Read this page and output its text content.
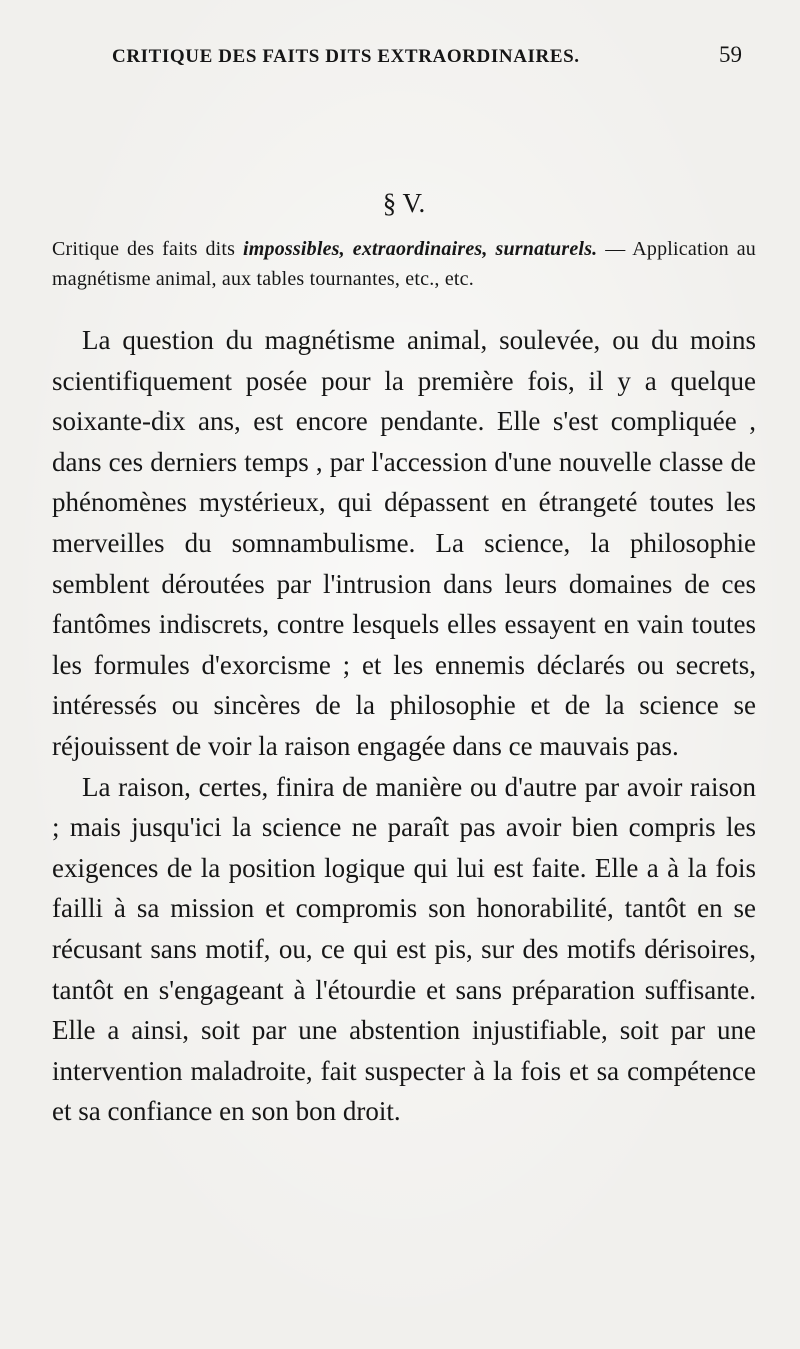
CRITIQUE DES FAITS DITS EXTRAORDINAIRES.	59
§ V.

Critique des faits dits impossibles, extraordinaires, surnaturels. — Application au magnétisme animal, aux tables tournantes, etc., etc.

La question du magnétisme animal, soulevée, ou du moins scientifiquement posée pour la première fois, il y a quelque soixante-dix ans, est encore pendante. Elle s'est compliquée , dans ces derniers temps , par l'accession d'une nouvelle classe de phénomènes mystérieux, qui dépassent en étrangeté toutes les merveilles du somnambulisme. La science, la philosophie semblent déroutées par l'intrusion dans leurs domaines de ces fantômes indiscrets, contre lesquels elles essayent en vain toutes les formules d'exorcisme ; et les ennemis déclarés ou secrets, intéressés ou sincères de la philosophie et de la science se réjouissent de voir la raison engagée dans ce mauvais pas.

La raison, certes, finira de manière ou d'autre par avoir raison ; mais jusqu'ici la science ne paraît pas avoir bien compris les exigences de la position logique qui lui est faite. Elle a à la fois failli à sa mission et compromis son honorabilité, tantôt en se récusant sans motif, ou, ce qui est pis, sur des motifs dérisoires, tantôt en s'engageant à l'étourdie et sans préparation suffisante. Elle a ainsi, soit par une abstention injustifiable, soit par une intervention maladroite, fait suspecter à la fois et sa compétence et sa confiance en son bon droit.
